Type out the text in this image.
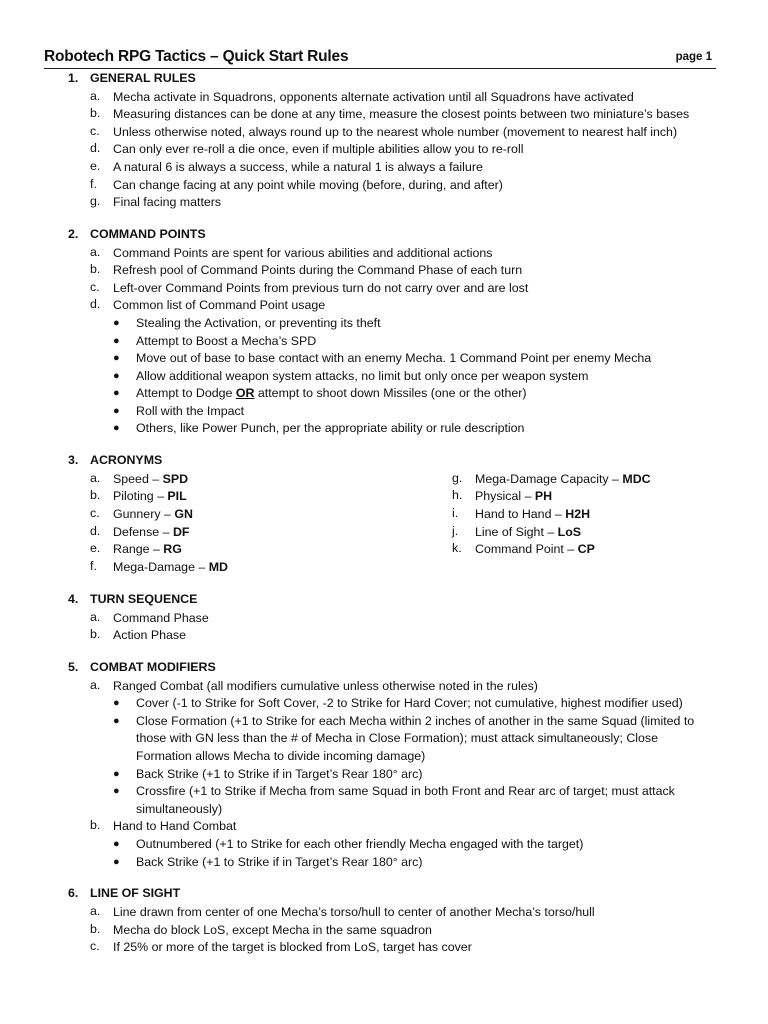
Robotech RPG Tactics – Quick Start Rules	page 1
1. GENERAL RULES
a. Mecha activate in Squadrons, opponents alternate activation until all Squadrons have activated
b. Measuring distances can be done at any time, measure the closest points between two miniature’s bases
c. Unless otherwise noted, always round up to the nearest whole number (movement to nearest half inch)
d. Can only ever re-roll a die once, even if multiple abilities allow you to re-roll
e. A natural 6 is always a success, while a natural 1 is always a failure
f. Can change facing at any point while moving (before, during, and after)
g. Final facing matters
2. COMMAND POINTS
a. Command Points are spent for various abilities and additional actions
b. Refresh pool of Command Points during the Command Phase of each turn
c. Left-over Command Points from previous turn do not carry over and are lost
d. Common list of Command Point usage
● Stealing the Activation, or preventing its theft
● Attempt to Boost a Mecha’s SPD
● Move out of base to base contact with an enemy Mecha. 1 Command Point per enemy Mecha
● Allow additional weapon system attacks, no limit but only once per weapon system
● Attempt to Dodge OR attempt to shoot down Missiles (one or the other)
● Roll with the Impact
● Others, like Power Punch, per the appropriate ability or rule description
3. ACRONYMS
a. Speed – SPD
b. Piloting – PIL
c. Gunnery – GN
d. Defense – DF
e. Range – RG
f. Mega-Damage – MD
g. Mega-Damage Capacity – MDC
h. Physical – PH
i. Hand to Hand – H2H
j. Line of Sight – LoS
k. Command Point – CP
4. TURN SEQUENCE
a. Command Phase
b. Action Phase
5. COMBAT MODIFIERS
a. Ranged Combat (all modifiers cumulative unless otherwise noted in the rules)
● Cover (-1 to Strike for Soft Cover, -2 to Strike for Hard Cover; not cumulative, highest modifier used)
● Close Formation (+1 to Strike for each Mecha within 2 inches of another in the same Squad (limited to those with GN less than the # of Mecha in Close Formation); must attack simultaneously; Close Formation allows Mecha to divide incoming damage)
● Back Strike (+1 to Strike if in Target’s Rear 180° arc)
● Crossfire (+1 to Strike if Mecha from same Squad in both Front and Rear arc of target; must attack simultaneously)
b. Hand to Hand Combat
● Outnumbered (+1 to Strike for each other friendly Mecha engaged with the target)
● Back Strike (+1 to Strike if in Target’s Rear 180° arc)
6. LINE OF SIGHT
a. Line drawn from center of one Mecha’s torso/hull to center of another Mecha’s torso/hull
b. Mecha do block LoS, except Mecha in the same squadron
c. If 25% or more of the target is blocked from LoS, target has cover
